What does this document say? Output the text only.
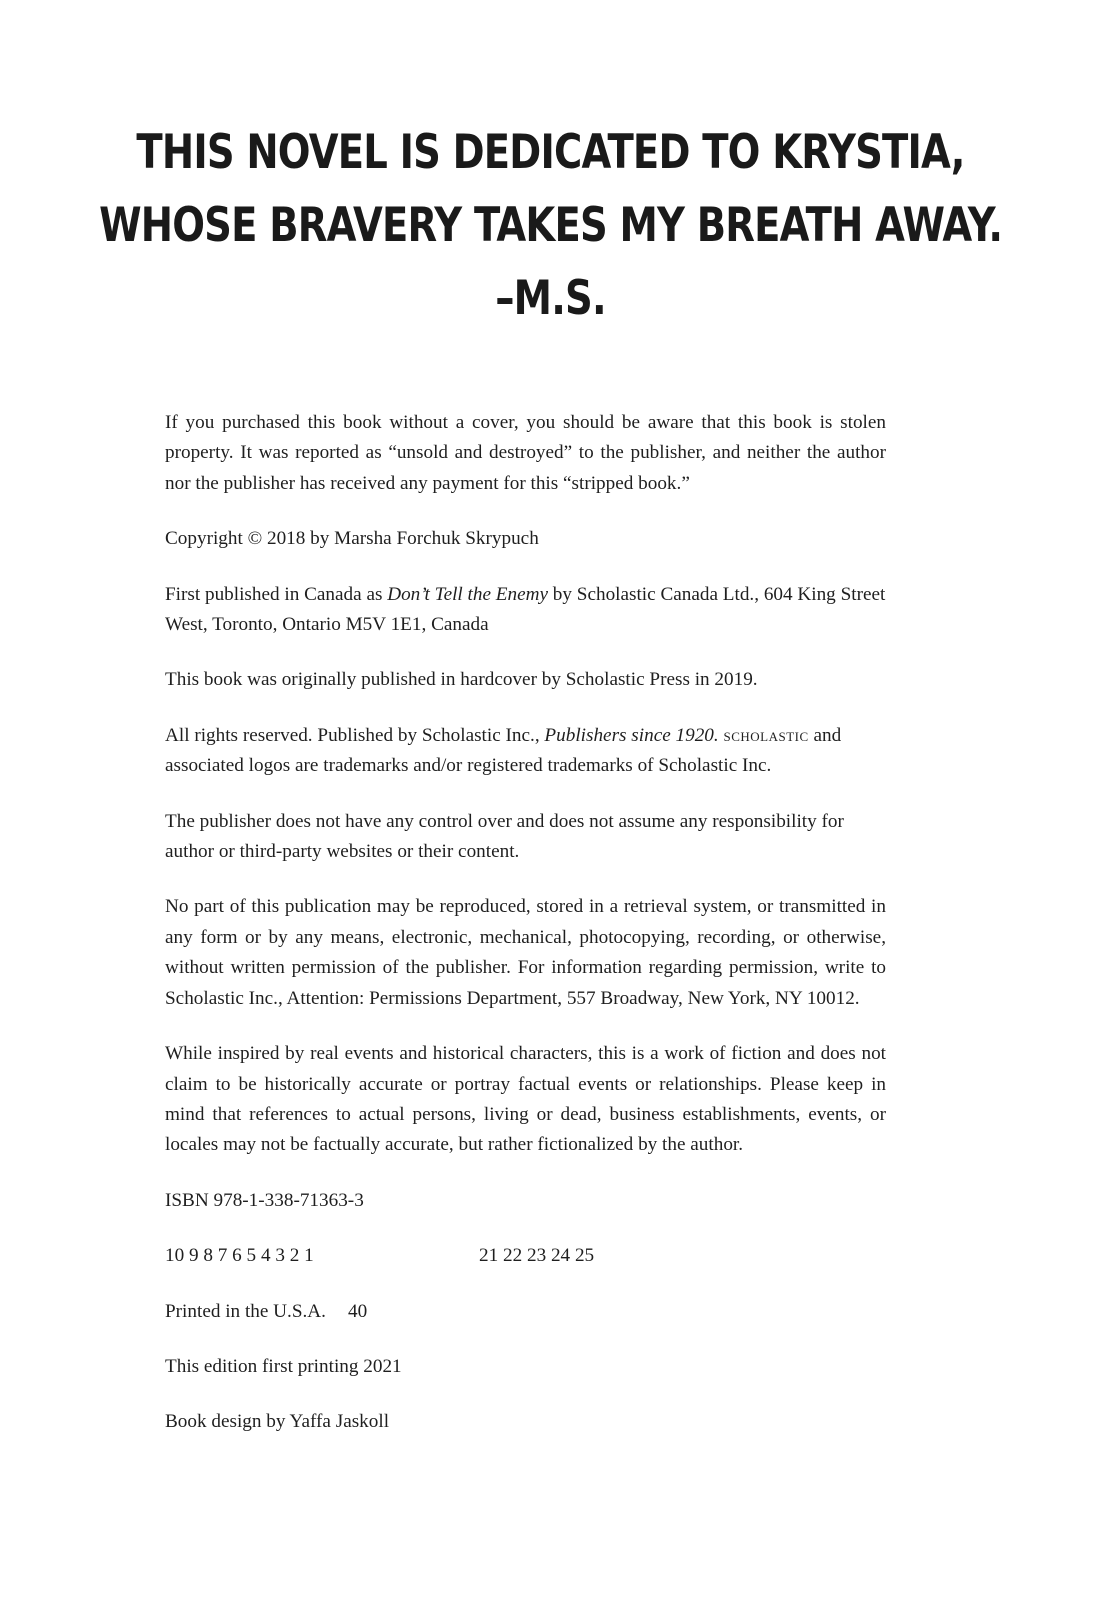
THIS NOVEL IS DEDICATED TO KRYSTIA,
WHOSE BRAVERY TAKES MY BREATH AWAY.
–M.S.

If you purchased this book without a cover, you should be aware that this book is stolen property. It was reported as “unsold and destroyed” to the publisher, and neither the author nor the publisher has received any payment for this “stripped book.”

Copyright © 2018 by Marsha Forchuk Skrypuch

First published in Canada as Don’t Tell the Enemy by Scholastic Canada Ltd., 604 King Street West, Toronto, Ontario M5V 1E1, Canada

This book was originally published in hardcover by Scholastic Press in 2019.

All rights reserved. Published by Scholastic Inc., Publishers since 1920. scholastic and associated logos are trademarks and/or registered trademarks of Scholastic Inc.

The publisher does not have any control over and does not assume any responsibility for author or third-party websites or their content.

No part of this publication may be reproduced, stored in a retrieval system, or transmitted in any form or by any means, electronic, mechanical, photocopying, recording, or otherwise, without written permission of the publisher. For information regarding permission, write to Scholastic Inc., Attention: Permissions Department, 557 Broadway, New York, NY 10012.

While inspired by real events and historical characters, this is a work of fiction and does not claim to be historically accurate or portray factual events or relationships. Please keep in mind that references to actual persons, living or dead, business establishments, events, or locales may not be factually accurate, but rather fictionalized by the author.

ISBN 978-1-338-71363-3

10 9 8 7 6 5 4 3 2 1	21 22 23 24 25

Printed in the U.S.A. 40

This edition first printing 2021

Book design by Yaffa Jaskoll
